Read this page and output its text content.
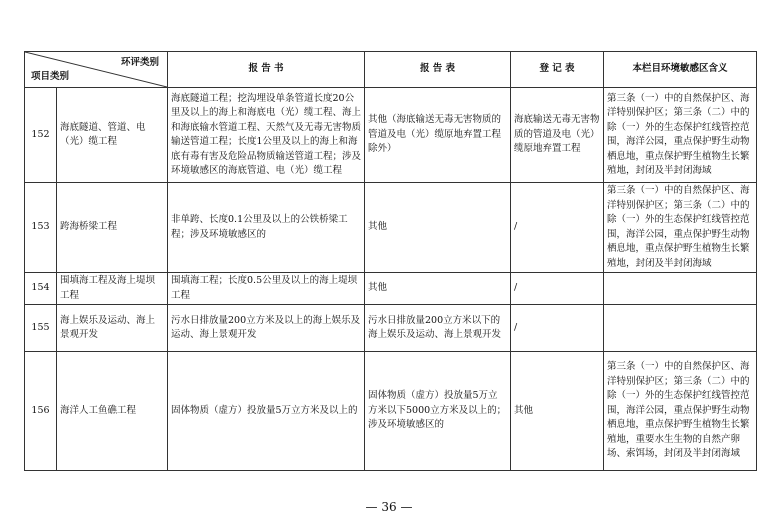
环评类别
项目类别		报 告 书	报 告 表	登 记 表	本栏目环境敏感区含义
152	海底隧道、管道、电（光）缆工程	海底隧道工程；挖沟埋设单条管道长度20公里及以上的海上和海底电（光）缆工程、海上和海底输水管道工程、天然气及无毒无害物质输送管道工程；长度1公里及以上的海上和海底有毒有害及危险品物质输送管道工程；涉及环境敏感区的海底管道、电（光）缆工程	其他（海底输送无毒无害物质的管道及电（光）缆原地弃置工程除外）	海底输送无毒无害物质的管道及电（光）缆原地弃置工程	第三条（一）中的自然保护区、海洋特别保护区；第三条（二）中的除（一）外的生态保护红线管控范围，海洋公园，重点保护野生动物栖息地，重点保护野生植物生长繁殖地，封闭及半封闭海域
153	跨海桥梁工程	非单跨、长度0.1公里及以上的公铁桥梁工程；涉及环境敏感区的	其他	/	第三条（一）中的自然保护区、海洋特别保护区；第三条（二）中的除（一）外的生态保护红线管控范围，海洋公园，重点保护野生动物栖息地，重点保护野生植物生长繁殖地，封闭及半封闭海域
154	围填海工程及海上堤坝工程	围填海工程；长度0.5公里及以上的海上堤坝工程	其他	/	
155	海上娱乐及运动、海上景观开发	污水日排放量200立方米及以上的海上娱乐及运动、海上景观开发	污水日排放量200立方米以下的海上娱乐及运动、海上景观开发	/	
156	海洋人工鱼礁工程	固体物质（虚方）投放量5万立方米及以上的	固体物质（虚方）投放量5万立方米以下5000立方米及以上的；涉及环境敏感区的	其他	第三条（一）中的自然保护区、海洋特别保护区；第三条（二）中的除（一）外的生态保护红线管控范围，海洋公园，重点保护野生动物栖息地，重点保护野生植物生长繁殖地，重要水生生物的自然产卵场、索饵场，封闭及半封闭海域
— 36 —
